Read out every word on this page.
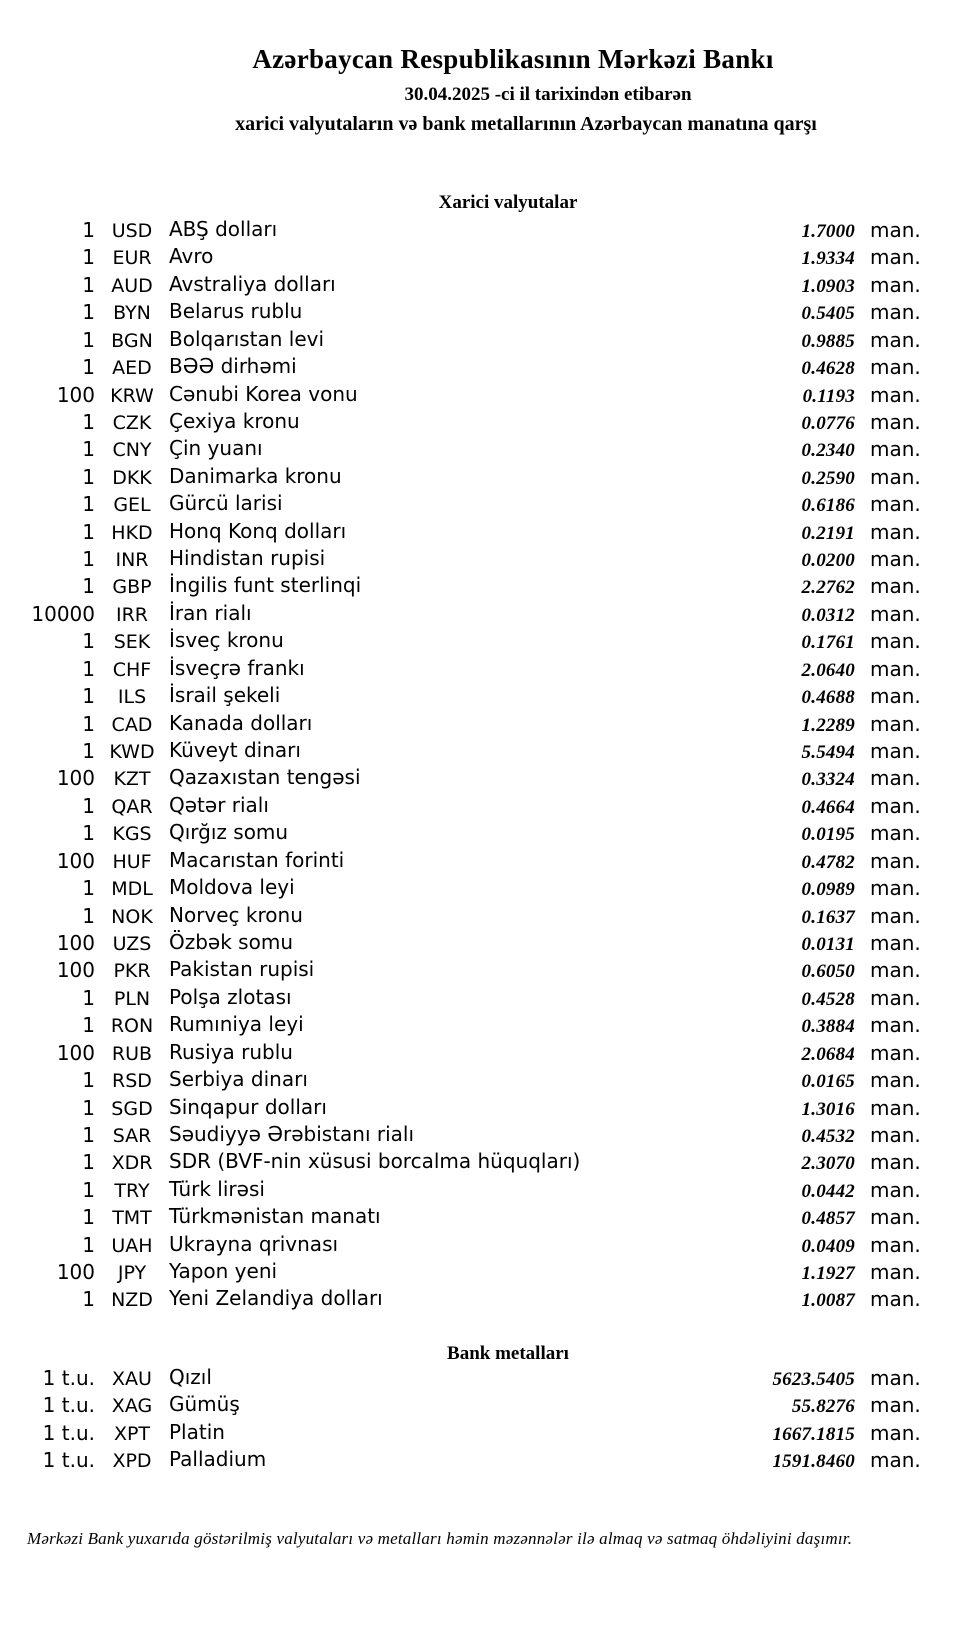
Azərbaycan Respublikasının Mərkəzi Bankı
30.04.2025 -ci il tarixindən etibarən
xarici valyutaların və bank metallarının Azərbaycan manatına qarşı
Xarici valyutalar
1 USD ABŞ dolları	1.7000 man.
1 EUR Avro	1.9334 man.
1 AUD Avstraliya dolları	1.0903 man.
1 BYN Belarus rublu	0.5405 man.
1 BGN Bolqarıstan levi	0.9885 man.
1 AED BƏƏ dirhəmi	0.4628 man.
100 KRW Cənubi Korea vonu	0.1193 man.
1 CZK Çexiya kronu	0.0776 man.
1 CNY Çin yuanı	0.2340 man.
1 DKK Danimarka kronu	0.2590 man.
1 GEL Gürcü larisi	0.6186 man.
1 HKD Honq Konq dolları	0.2191 man.
1	INR	Hindistan rupisi	0.0200 man.
1 GBP İngilis funt sterlinqi	2.2762 man.
10000	IRR	İran rialı	0.0312 man.
1 SEK İsveç kronu	0.1761 man.
1 CHF İsveçrə frankı	2.0640 man.
1	ILS	İsrail şekeli	0.4688 man.
1 CAD Kanada dolları	1.2289 man.
1 KWD Küveyt dinarı	5.5494 man.
100 KZT Qazaxıstan tengəsi	0.3324 man.
1 QAR Qətər rialı	0.4664 man.
1 KGS Qırğız somu	0.0195 man.
100 HUF Macarıstan forinti	0.4782 man.
1 MDL Moldova leyi	0.0989 man.
1 NOK Norveç kronu	0.1637 man.
100 UZS Özbək somu	0.0131 man.
100 PKR Pakistan rupisi	0.6050 man.
1 PLN Polşa zlotası	0.4528 man.
1 RON Rumıniya leyi	0.3884 man.
100 RUB Rusiya rublu	2.0684 man.
1 RSD Serbiya dinarı	0.0165 man.
1 SGD Sinqapur dolları	1.3016 man.
1 SAR Səudiyyə Ərəbistanı rialı	0.4532 man.
1 XDR SDR (BVF-nin xüsusi borcalma hüquqları)	2.3070 man.
1	TRY Türk lirəsi	0.0442 man.
1 TMT Türkmənistan manatı	0.4857 man.
1 UAH Ukrayna qrivnası	0.0409 man.
100	JPY	Yapon yeni	1.1927 man.
1 NZD Yeni Zelandiya dolları	1.0087 man.
Bank metalları
1 t.u. XAU Qızıl	5623.5405 man.
1 t.u. XAG Gümüş	55.8276 man.
1 t.u. XPT Platin	1667.1815 man.
1 t.u. XPD Palladium	1591.8460 man.
Mərkəzi Bank yuxarıda göstərilmiş valyutaları və metalları həmin məzənnələr ilə almaq və satmaq öhdəliyini daşımır.
